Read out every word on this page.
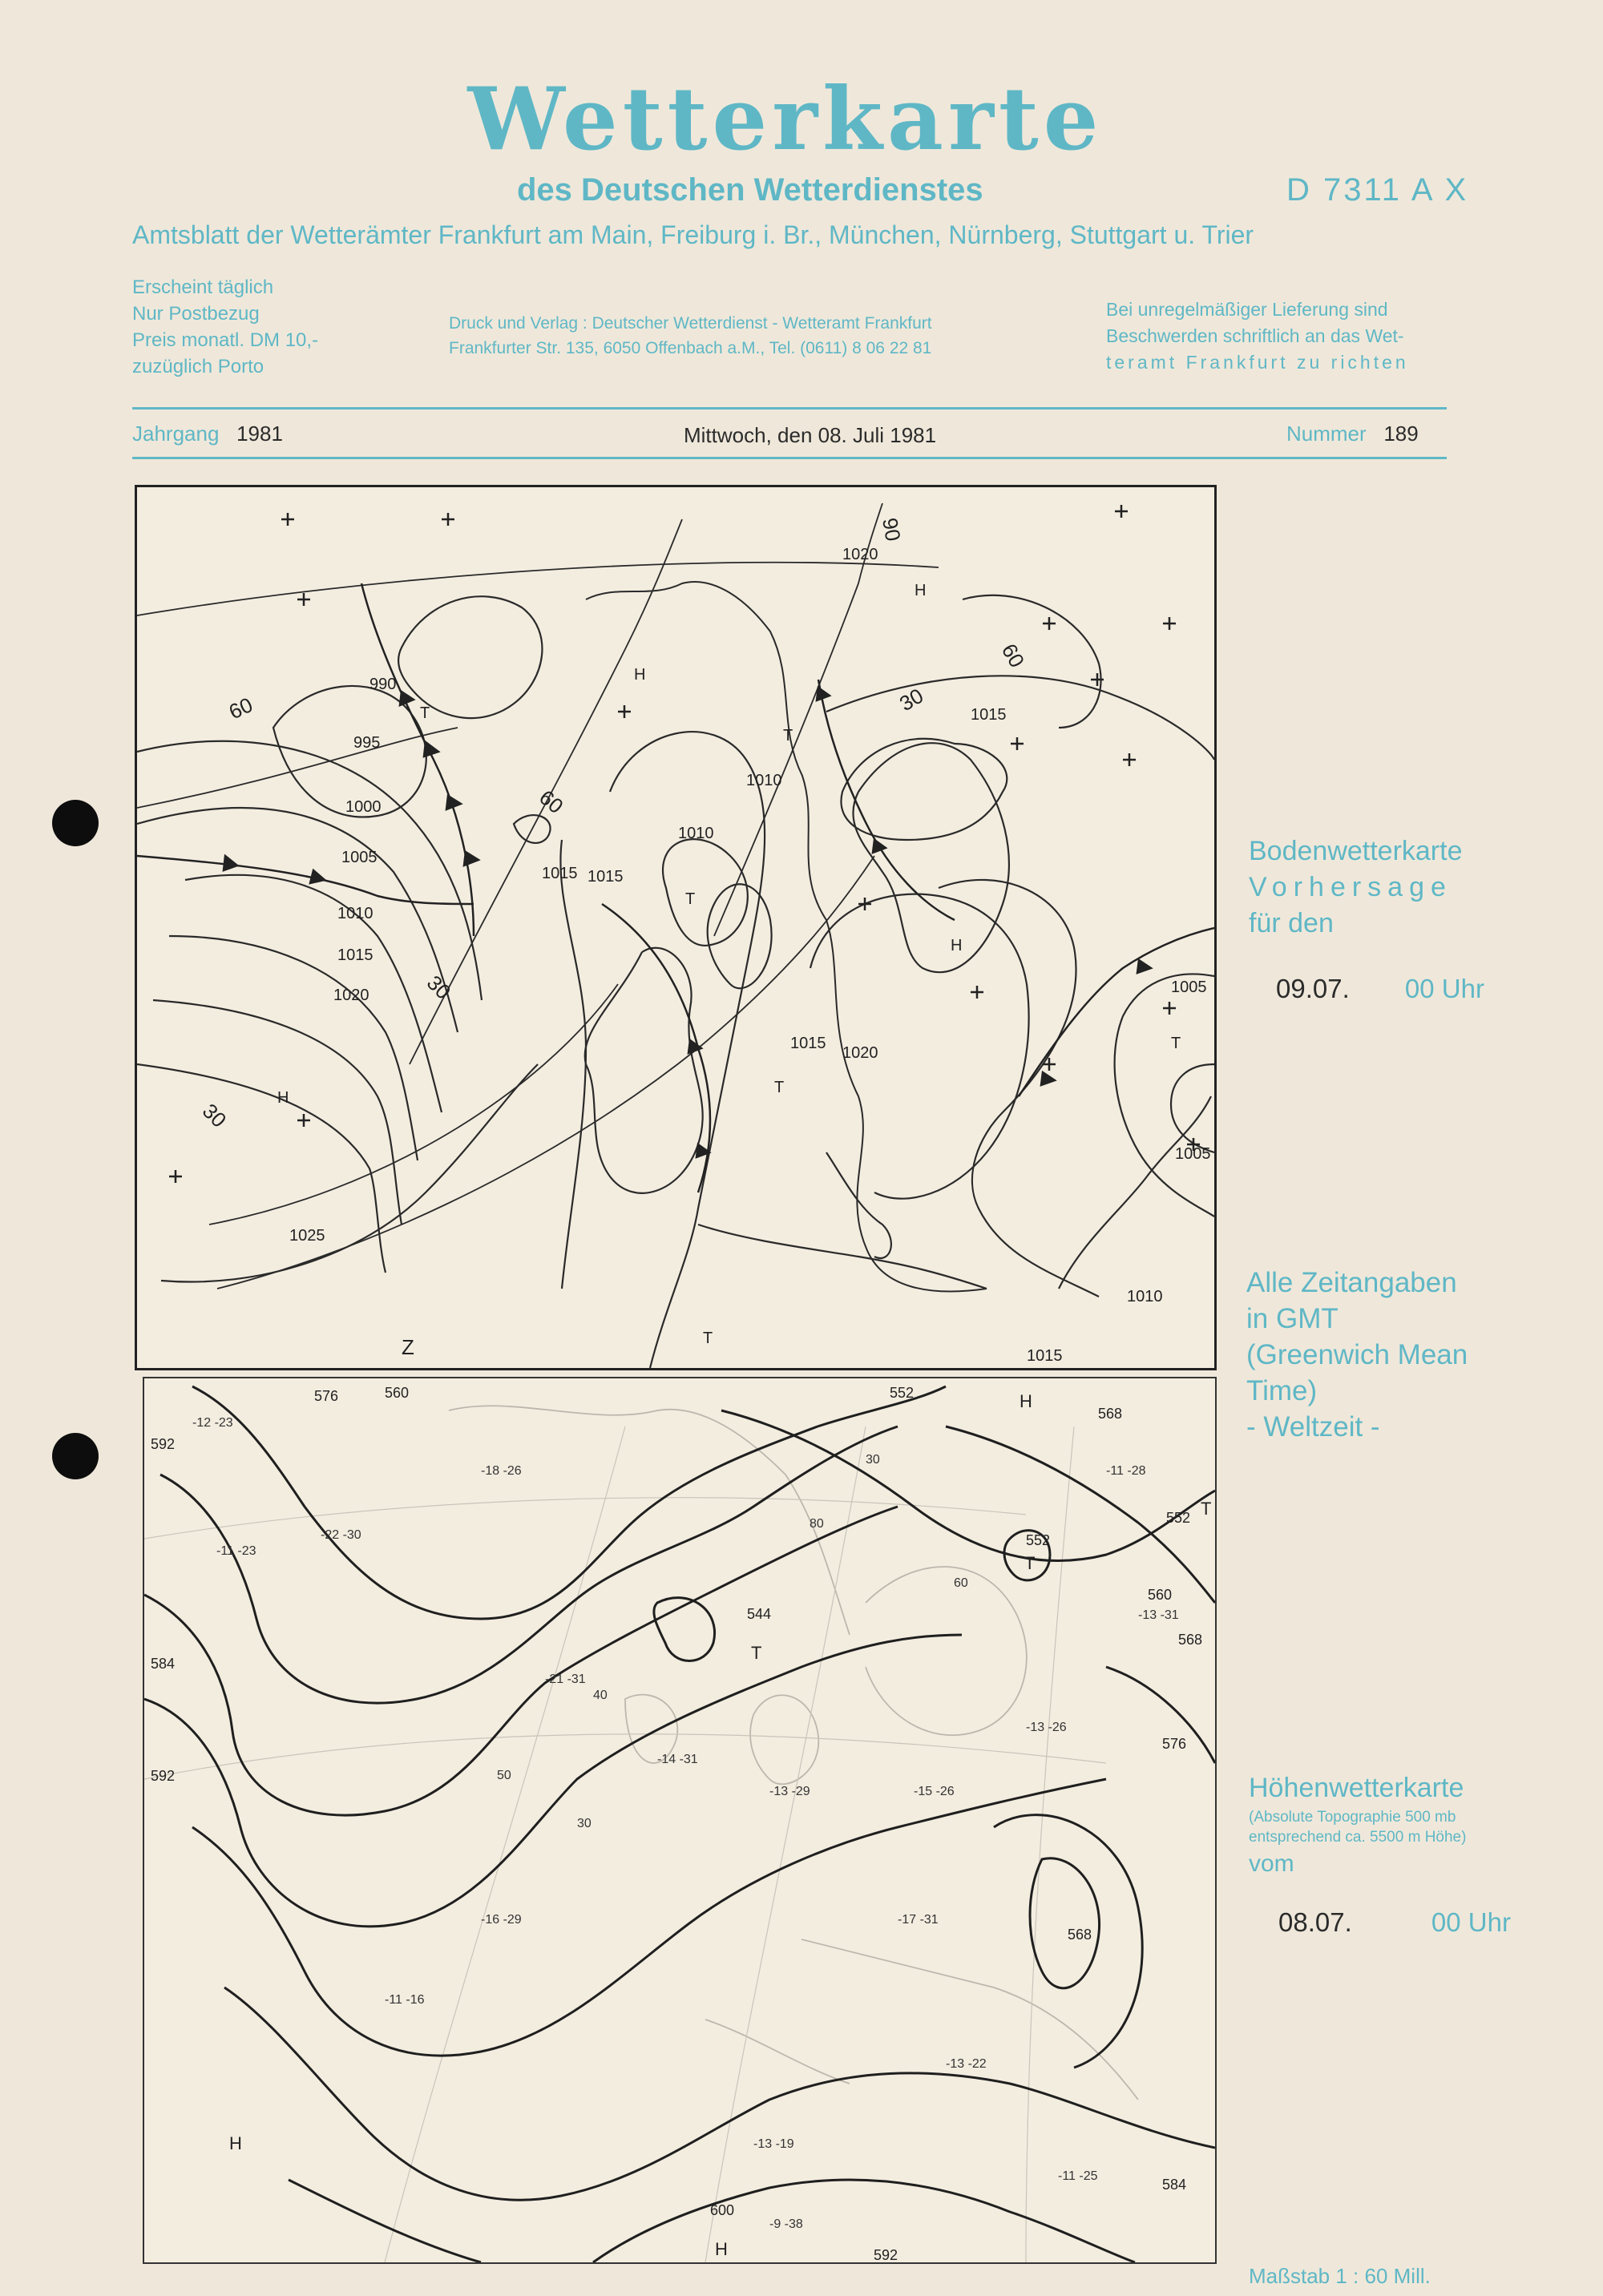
Wetterkarte
des Deutschen Wetterdienstes	D 7311 A X
Amtsblatt der Wetterämter Frankfurt am Main, Freiburg i. Br., München, Nürnberg, Stuttgart u. Trier
Erscheint täglich
Nur Postbezug
Preis monatl. DM 10,-
zuzüglich Porto
Druck und Verlag : Deutscher Wetterdienst - Wetteramt Frankfurt
Frankfurter Str. 135, 6050 Offenbach a.M., Tel. (0611) 8 06 22 81
Bei unregelmäßiger Lieferung sind
Beschwerden schriftlich an das Wet-
teramt Frankfurt zu richten
Jahrgang 1981	Mittwoch, den 08. Juli 1981	Nummer 189
990
995
1000
1005
1010
1015
1020
1025
1015 1015
1010
1010
1015
1020
1020
1015
1005
1005
1010
1015
60
60
30
30
30
60
90
T
T
T
T
T
T
H
H
H
H
Z
-12 -23
-11 -23
-22 -30
-18 -26
-21 -31
-14 -31
-13 -29	-15 -26
-13 -26
-13 -31
-17 -31
-13 -22
-13 -19
-16 -29
-11 -16
-11 -25
-11 -28
-9 -38
576	560
592
584
592
552
568
552
552
560
568
544
576
568
584
600
592
30
80
60
40
50
30
T
T
H
H
H
T
Bodenwetterkarte
Vorhersage
für den
09.07. 00 Uhr
Alle Zeitangaben
in GMT
(Greenwich Mean
Time)
- Weltzeit -
Höhenwetterkarte
(Absolute Topographie 500 mb
entsprechend ca. 5500 m Höhe)
vom
08.07.	00 Uhr
Maßstab 1 : 60 Mill.
